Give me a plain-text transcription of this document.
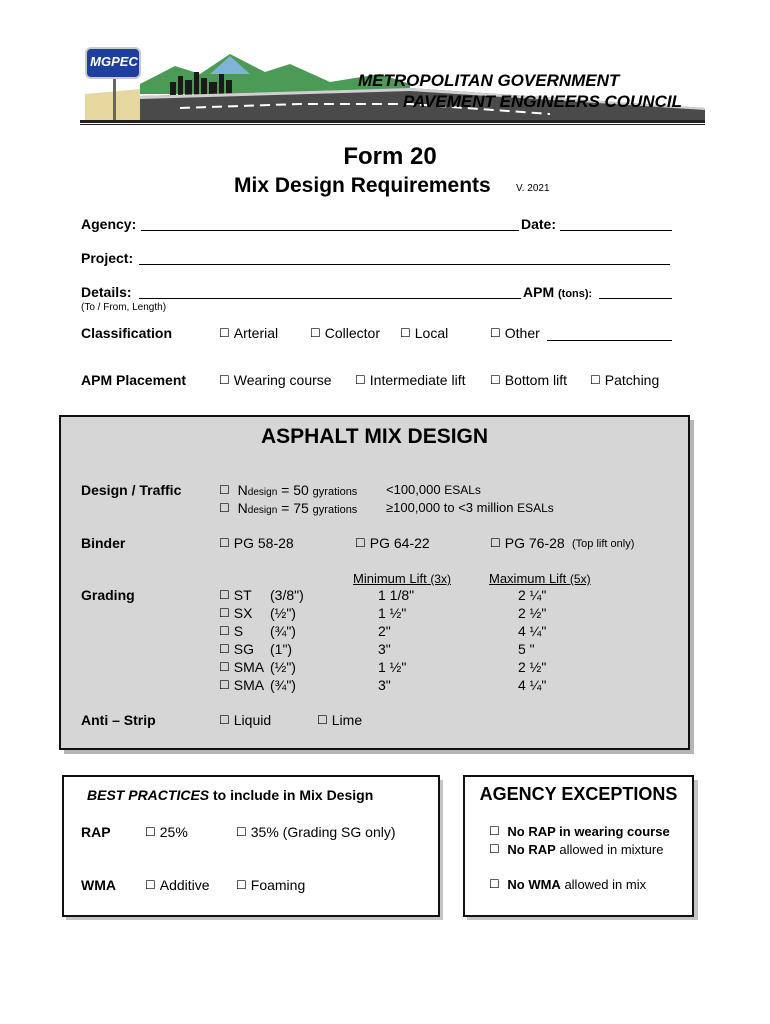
MGPEC
METROPOLITAN GOVERNMENT
PAVEMENT ENGINEERS COUNCIL
Form 20
Mix Design Requirements	V. 2021
Agency:	Date:
Project:
Details:	APM (tons):
(To / From, Length)
Classification	☐ Arterial	☐ Collector	☐ Local	☐ Other
APM Placement	☐ Wearing course	☐ Intermediate lift	☐ Bottom lift	☐ Patching
ASPHALT MIX DESIGN
Design / Traffic	☐ Ndesign = 50 gyrations <100,000 ESALs
☐ Ndesign = 75 gyrations ≥100,000 to <3 million ESALs
Binder	☐ PG 58-28	☐ PG 64-22	☐ PG 76-28 (Top lift only)
Minimum Lift (3x)	Maximum Lift (5x)
Grading	☐ ST (3/8")	1 1/8"	2 ¼"
☐ SX (½")	1 ½"	2 ½"
☐ S (¾")	2"	4 ¼"
☐ SG (1")	3"	5 "
☐ SMA (½")	1 ½"	2 ½"
☐ SMA (¾")	3"	4 ¼"
Anti – Strip	☐ Liquid	☐ Lime
BEST PRACTICES to include in Mix Design
RAP	☐ 25%	☐ 35% (Grading SG only)
WMA	☐ Additive	☐ Foaming
AGENCY EXCEPTIONS
☐ No RAP in wearing course
☐ No RAP allowed in mixture
☐ No WMA allowed in mix
